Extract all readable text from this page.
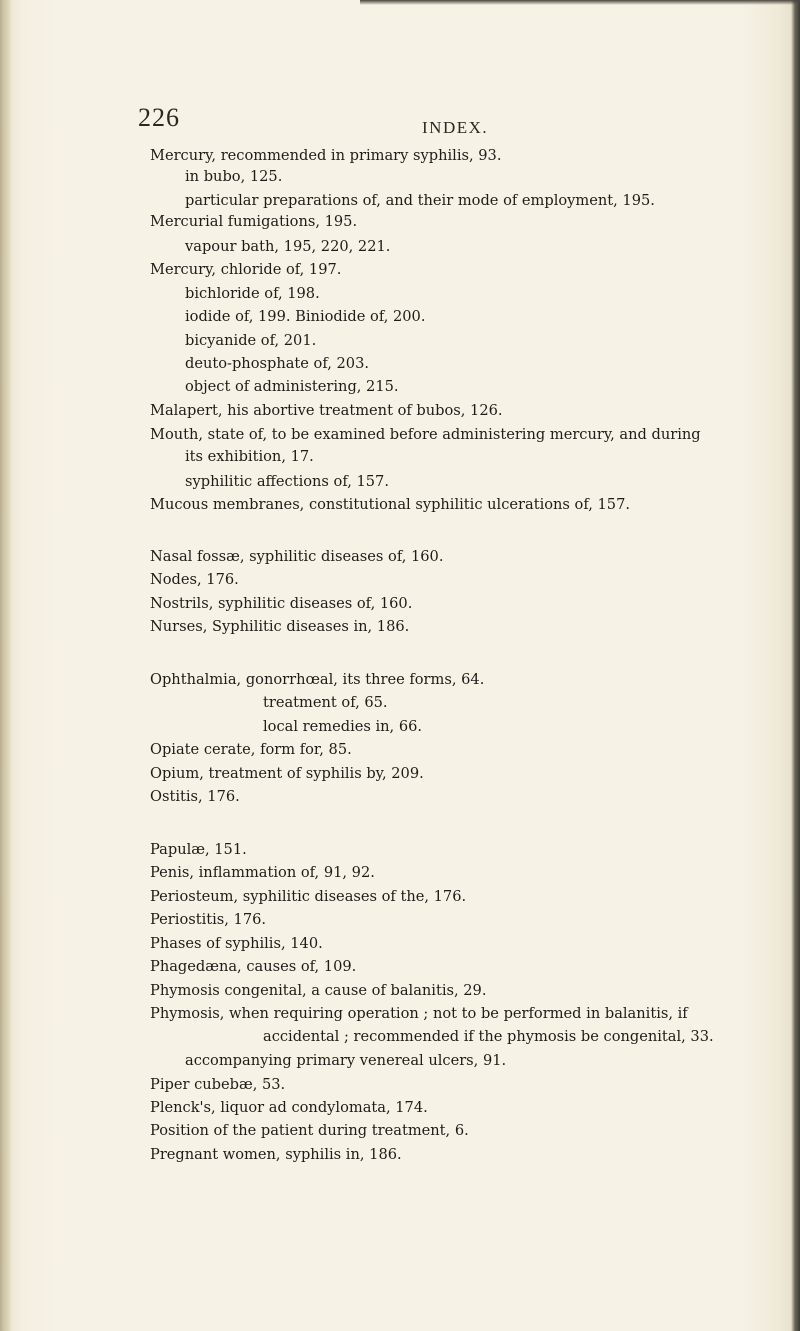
226	INDEX.
Mercury, recommended in primary syphilis, 93.
in bubo, 125.
particular preparations of, and their mode of employment, 195.
Mercurial fumigations, 195.
vapour bath, 195, 220, 221.
Mercury, chloride of, 197.
bichloride of, 198.
iodide of, 199. Biniodide of, 200.
bicyanide of, 201.
deuto-phosphate of, 203.
object of administering, 215.
Malapert, his abortive treatment of bubos, 126.
Mouth, state of, to be examined before administering mercury, and during
its exhibition, 17.
syphilitic affections of, 157.
Mucous membranes, constitutional syphilitic ulcerations of, 157.
Nasal fossæ, syphilitic diseases of, 160.
Nodes, 176.
Nostrils, syphilitic diseases of, 160.
Nurses, Syphilitic diseases in, 186.
Ophthalmia, gonorrhœal, its three forms, 64.
treatment of, 65.
local remedies in, 66.
Opiate cerate, form for, 85.
Opium, treatment of syphilis by, 209.
Ostitis, 176.
Papulæ, 151.
Penis, inflammation of, 91, 92.
Periosteum, syphilitic diseases of the, 176.
Periostitis, 176.
Phases of syphilis, 140.
Phagedæna, causes of, 109.
Phymosis congenital, a cause of balanitis, 29.
Phymosis, when requiring operation ; not to be performed in balanitis, if
accidental ; recommended if the phymosis be congenital, 33.
accompanying primary venereal ulcers, 91.
Piper cubebæ, 53.
Plenck's, liquor ad condylomata, 174.
Position of the patient during treatment, 6.
Pregnant women, syphilis in, 186.
